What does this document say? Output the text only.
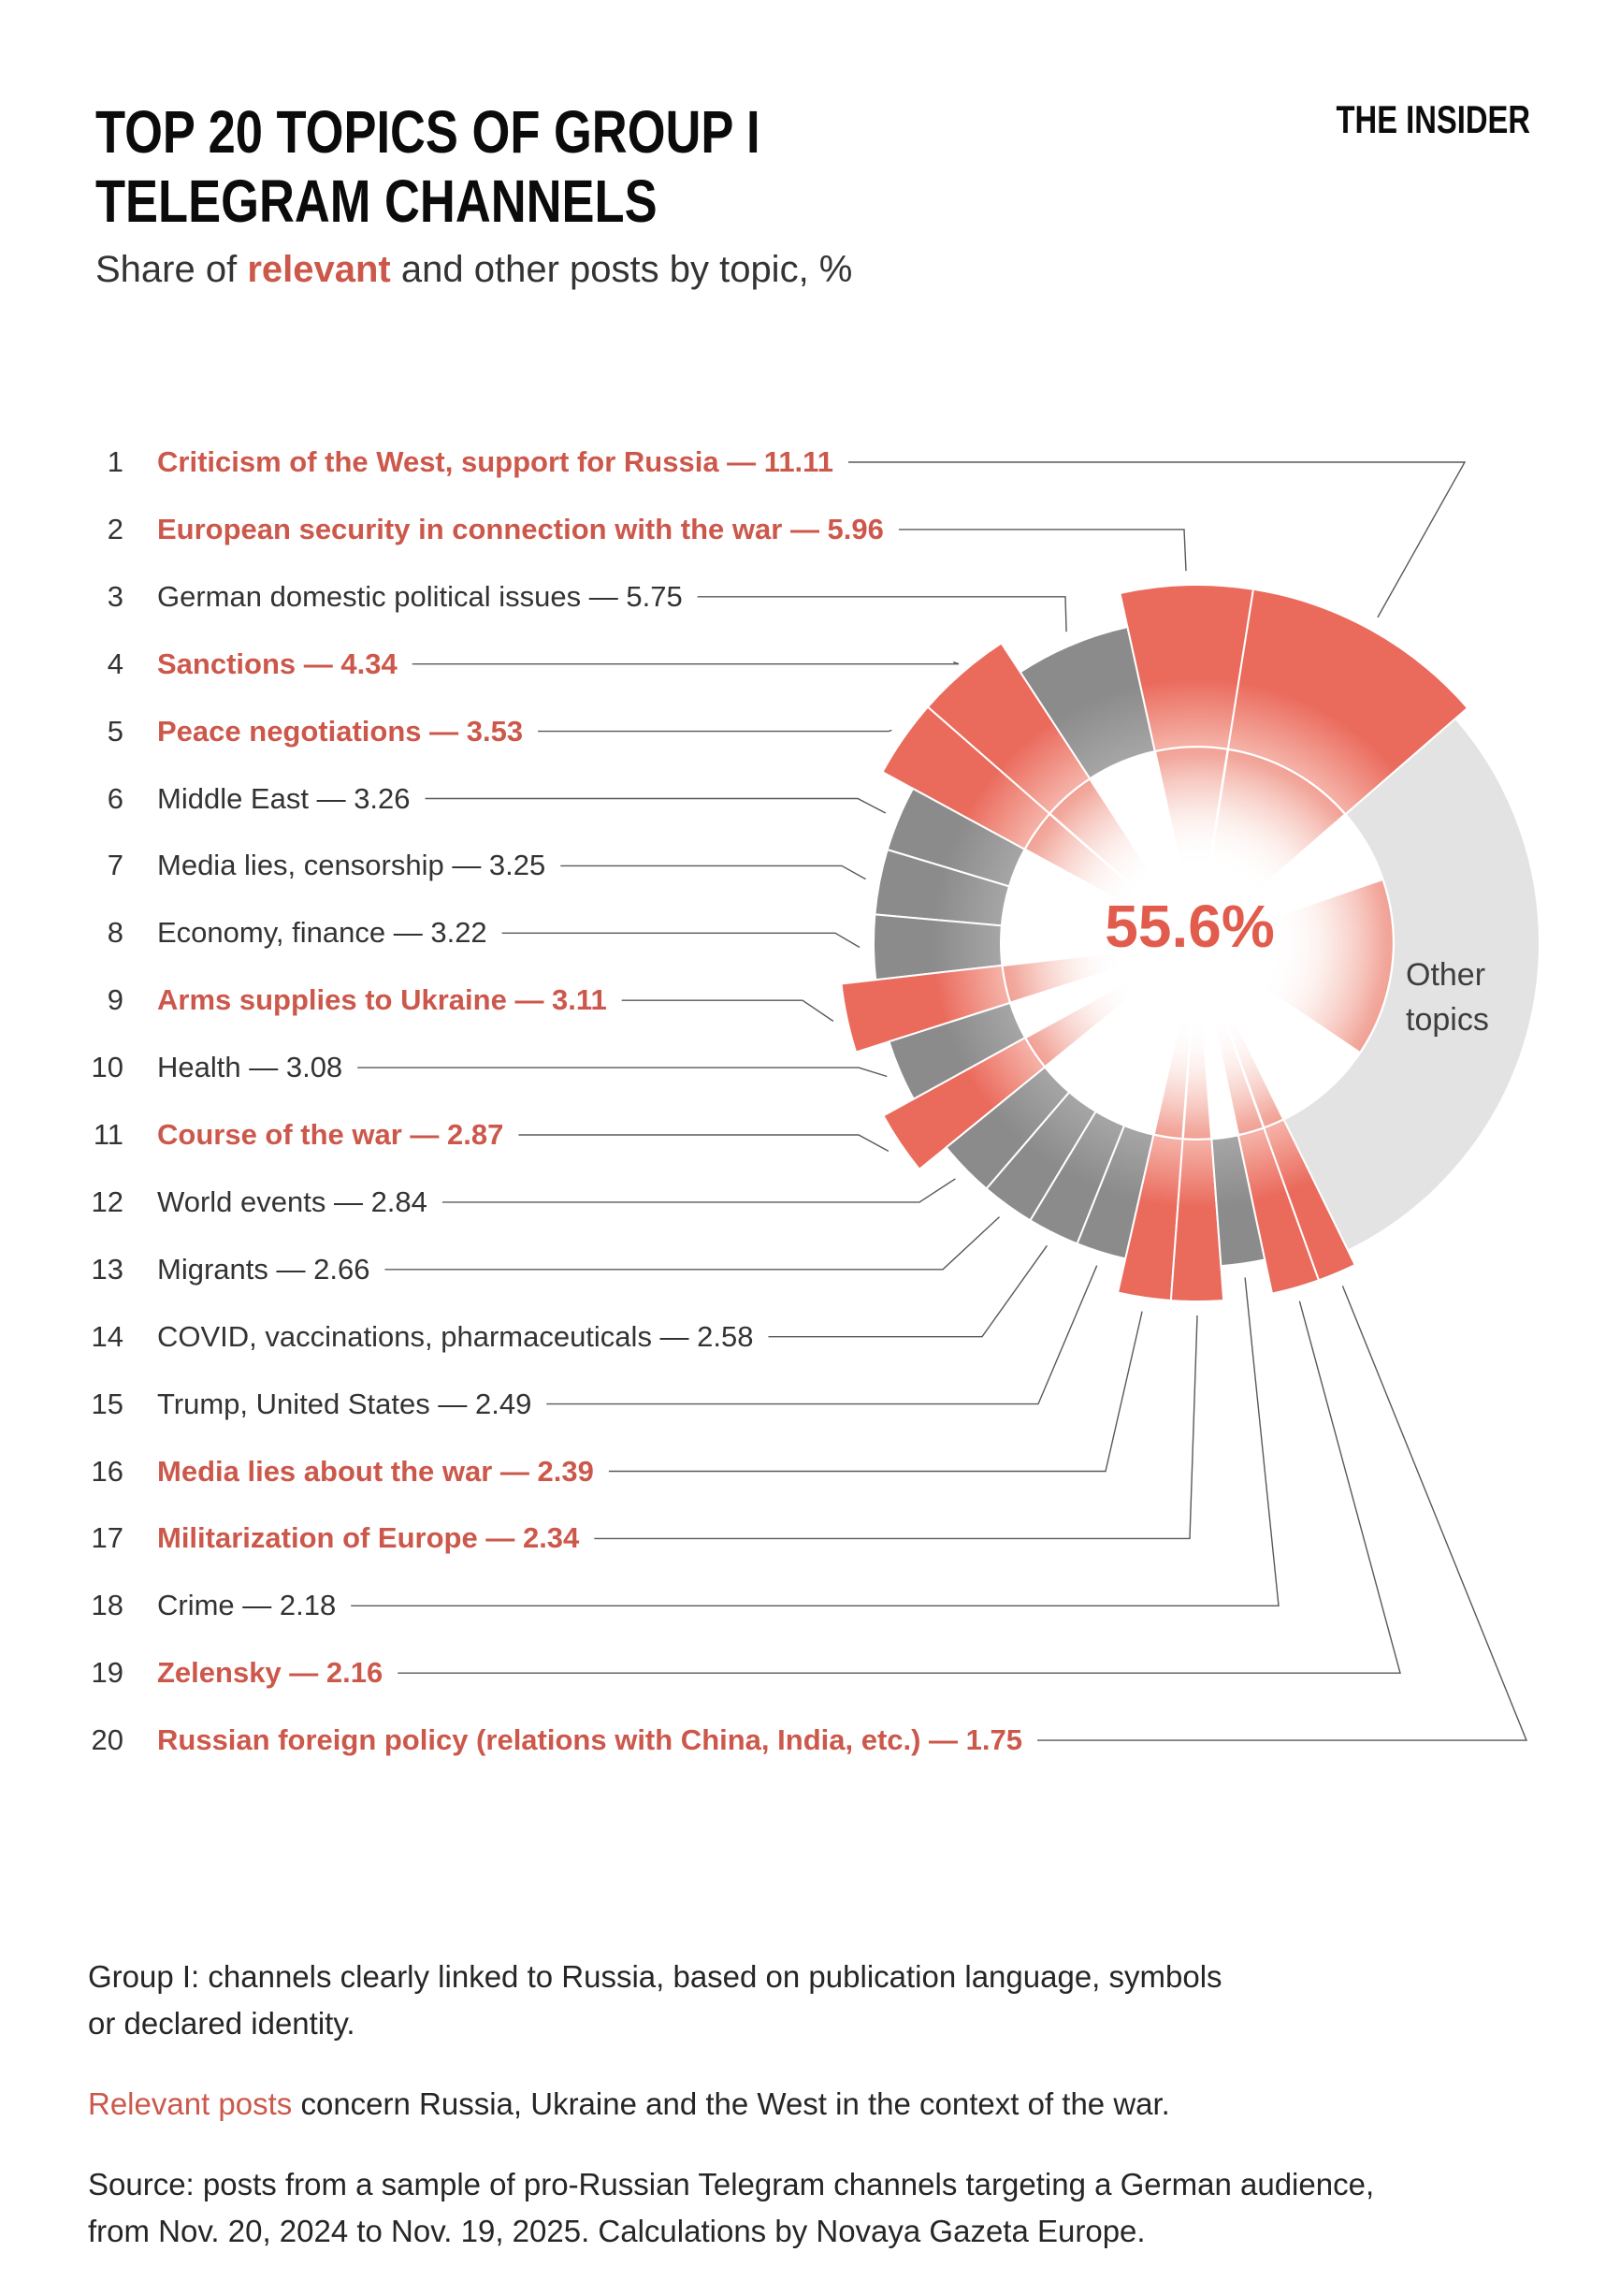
55.6%
Other
topics
TOP 20 TOPICS OF GROUP I
TELEGRAM CHANNELS
THE INSIDER
Share of relevant and other posts by topic, %
1 Criticism of the West, support for Russia — 11.11
2 European security in connection with the war — 5.96
3 German domestic political issues — 5.75
4 Sanctions — 4.34
5 Peace negotiations — 3.53
6 Middle East — 3.26
7 Media lies, censorship — 3.25
8 Economy, finance — 3.22
9 Arms supplies to Ukraine — 3.11
10 Health — 3.08
11 Course of the war — 2.87
12 World events — 2.84
13 Migrants — 2.66
14 COVID, vaccinations, pharmaceuticals — 2.58
15 Trump, United States — 2.49
16 Media lies about the war — 2.39
17 Militarization of Europe — 2.34
18 Crime — 2.18
19 Zelensky — 2.16
20 Russian foreign policy (relations with China, India, etc.) — 1.75
Group I: channels clearly linked to Russia, based on publication language, symbols
or declared identity.
Relevant posts concern Russia, Ukraine and the West in the context of the war.
Source: posts from a sample of pro-Russian Telegram channels targeting a German audience,
from Nov. 20, 2024 to Nov. 19, 2025. Calculations by Novaya Gazeta Europe.
